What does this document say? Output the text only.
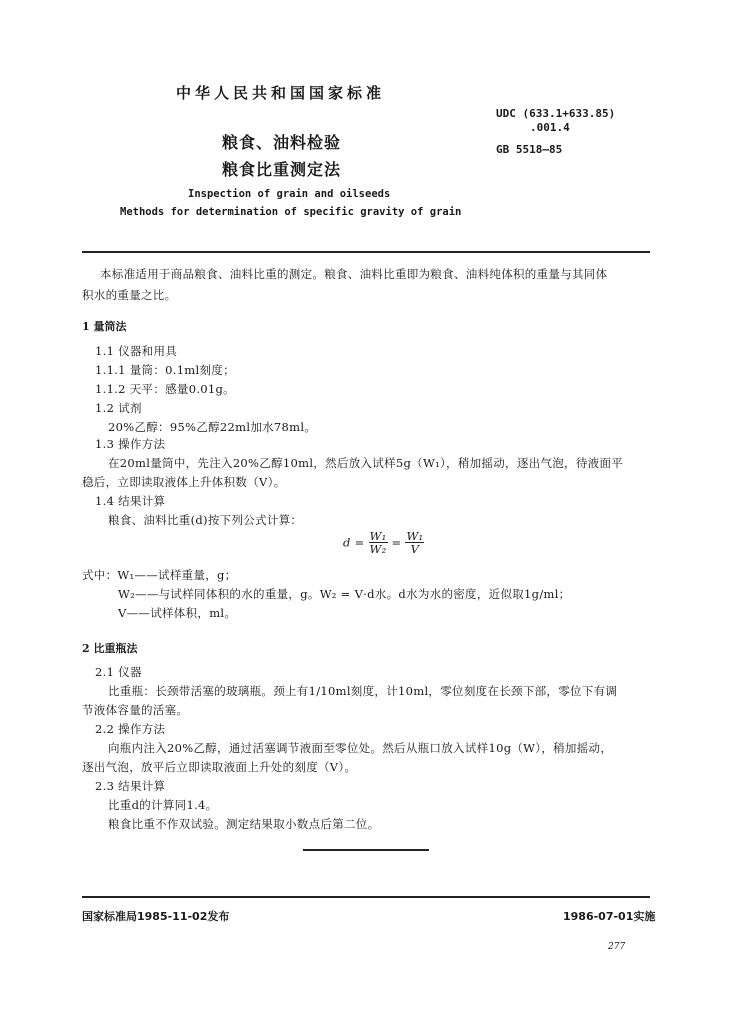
中华人民共和国国家标准
UDC (633.1+633.85)
.001.4
GB 5518—85
粮食、油料检验
粮食比重测定法
Inspection of grain and oilseeds
Methods for determination of specific gravity of grain
本标准适用于商品粮食、油料比重的测定。粮食、油料比重即为粮食、油料纯体积的重量与其同体
积水的重量之比。
1 量筒法
1.1 仪器和用具
1.1.1 量筒：0.1ml刻度；
1.1.2 天平：感量0.01g。
1.2 试剂
20%乙醇：95%乙醇22ml加水78ml。
1.3 操作方法
在20ml量筒中，先注入20%乙醇10ml，然后放入试样5g（W₁），稍加摇动，逐出气泡，待液面平
稳后，立即读取液体上升体积数（V）。
1.4 结果计算
粮食、油料比重(d)按下列公式计算：
$d = \frac{\text{W₁}}{\text{W₂}} = \frac{\text{W₁}}{V}$
式中：W₁——试样重量，g；
W₂——与试样同体积的水的重量，g。W₂ = V·d水。d水为水的密度，近似取1g/ml；
V——试样体积，ml。
2 比重瓶法
2.1 仪器
比重瓶：长颈带活塞的玻璃瓶。颈上有1/10ml刻度，计10ml，零位刻度在长颈下部，零位下有调
节液体容量的活塞。
2.2 操作方法
向瓶内注入20%乙醇，通过活塞调节液面至零位处。然后从瓶口放入试样10g（W），稍加摇动，
逐出气泡，放平后立即读取液面上升处的刻度（V）。
2.3 结果计算
比重d的计算同1.4。
粮食比重不作双试验。测定结果取小数点后第二位。
国家标准局1985-11-02发布	1986-07-01实施
277
